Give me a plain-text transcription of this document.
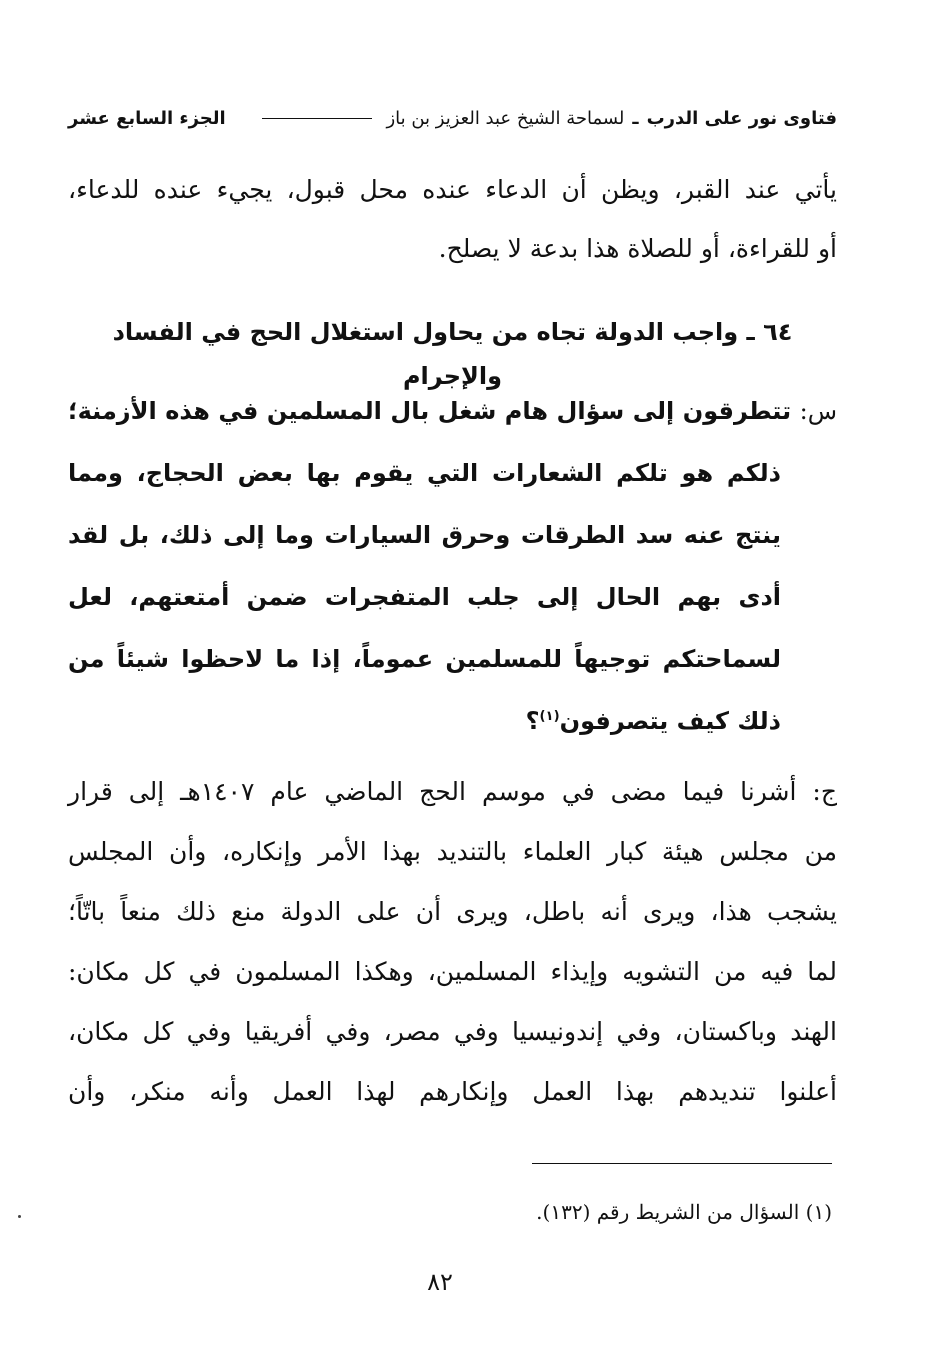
فتاوى نور على الدرب
ـ
لسماحة الشيخ عبد العزيز بن باز
الجزء السابع عشر
يأتي عند القبر، ويظن أن الدعاء عنده محل قبول، يجيء عنده للدعاء،
أو للقراءة، أو للصلاة هذا بدعة لا يصلح.
٦٤ ـ واجب الدولة تجاه من يحاول استغلال الحج في الفساد والإجرام
س: تتطرقون إلى سؤال هام شغل بال المسلمين في هذه الأزمنة؛
ذلكم هو تلكم الشعارات التي يقوم بها بعض الحجاج، ومما
ينتج عنه سد الطرقات وحرق السيارات وما إلى ذلك، بل لقد
أدى بهم الحال إلى جلب المتفجرات ضمن أمتعتهم، لعل
لسماحتكم توجيهاً للمسلمين عموماً، إذا ما لاحظوا شيئاً من
ذلك كيف يتصرفون$^{(١)}$؟
ج: أشرنا فيما مضى في موسم الحج الماضي عام ١٤٠٧هـ إلى قرار
من مجلس هيئة كبار العلماء بالتنديد بهذا الأمر وإنكاره، وأن المجلس
يشجب هذا، ويرى أنه باطل، ويرى أن على الدولة منع ذلك منعاً باتّاً؛
لما فيه من التشويه وإيذاء المسلمين، وهكذا المسلمون في كل مكان:
الهند وباكستان، وفي إندونيسيا وفي مصر، وفي أفريقيا وفي كل مكان،
أعلنوا تنديدهم بهذا العمل وإنكارهم لهذا العمل وأنه منكر، وأن
(١) السؤال من الشريط رقم (١٣٢).
٨٢
